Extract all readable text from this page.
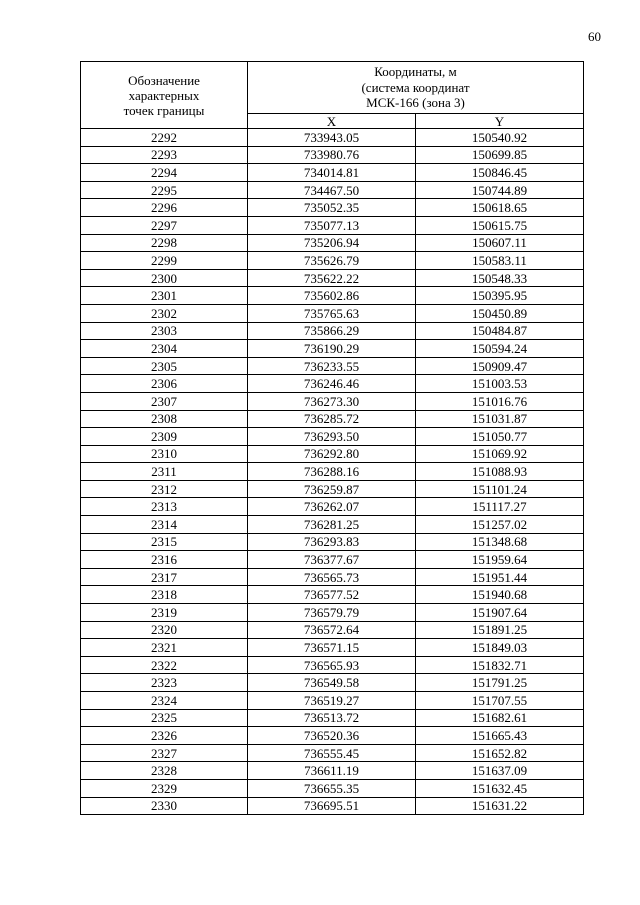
60
Обозначение
характерных
точек границы	Координаты, м
(система координат
МСК-166 (зона 3)	

	X	Y
2292	733943.05	150540.92
2293	733980.76	150699.85
2294	734014.81	150846.45
2295	734467.50	150744.89
2296	735052.35	150618.65
2297	735077.13	150615.75
2298	735206.94	150607.11
2299	735626.79	150583.11
2300	735622.22	150548.33
2301	735602.86	150395.95
2302	735765.63	150450.89
2303	735866.29	150484.87
2304	736190.29	150594.24
2305	736233.55	150909.47
2306	736246.46	151003.53
2307	736273.30	151016.76
2308	736285.72	151031.87
2309	736293.50	151050.77
2310	736292.80	151069.92
2311	736288.16	151088.93
2312	736259.87	151101.24
2313	736262.07	151117.27
2314	736281.25	151257.02
2315	736293.83	151348.68
2316	736377.67	151959.64
2317	736565.73	151951.44
2318	736577.52	151940.68
2319	736579.79	151907.64
2320	736572.64	151891.25
2321	736571.15	151849.03
2322	736565.93	151832.71
2323	736549.58	151791.25
2324	736519.27	151707.55
2325	736513.72	151682.61
2326	736520.36	151665.43
2327	736555.45	151652.82
2328	736611.19	151637.09
2329	736655.35	151632.45
2330	736695.51	151631.22
